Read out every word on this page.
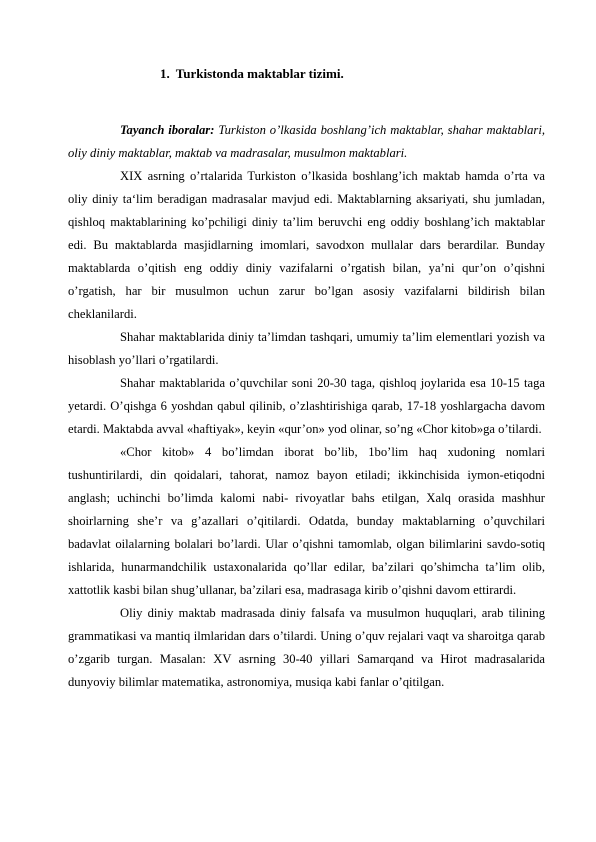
1. Turkistonda maktablar tizimi.

Tayanch iboralar: Turkiston o’lkasida boshlang’ich maktablar, shahar maktablari, oliy diniy maktablar, maktab va madrasalar, musulmon maktablari.

XIX asrning o’rtalarida Turkiston o’lkasida boshlang’ich maktab hamda o’rta va oliy diniy ta‘lim beradigan madrasalar mavjud edi. Maktablarning aksariyati, shu jumladan, qishloq maktablarining ko’pchiligi diniy ta’lim beruvchi eng oddiy boshlang’ich maktablar edi. Bu maktablarda masjidlarning imomlari, savodxon mullalar dars berardilar. Bunday maktablarda o’qitish eng oddiy diniy vazifalarni o’rgatish bilan, ya’ni qur’on o’qishni o’rgatish, har bir musulmon uchun zarur bo’lgan asosiy vazifalarni bildirish bilan cheklanilardi.

Shahar maktablarida diniy ta’limdan tashqari, umumiy ta’lim elementlari yozish va hisoblash yo’llari o’rgatilardi.

Shahar maktablarida o’quvchilar soni 20-30 taga, qishloq joylarida esa 10-15 taga yetardi. O’qishga 6 yoshdan qabul qilinib, o’zlashtirishiga qarab, 17-18 yoshlargacha davom etardi. Maktabda avval «haftiyak», keyin «qur’on» yod olinar, so’ng «Chor kitob»ga o’tilardi.

«Chor kitob» 4 bo’limdan iborat bo’lib, 1bo’lim haq xudoning nomlari tushuntirilardi, din qoidalari, tahorat, namoz bayon etiladi; ikkinchisida iymon-etiqodni anglash; uchinchi bo’limda kalomi nabi- rivoyatlar bahs etilgan, Xalq orasida mashhur shoirlarning she’r va g’azallari o’qitilardi. Odatda, bunday maktablarning o’quvchilari badavlat oilalarning bolalari bo’lardi. Ular o’qishni tamomlab, olgan bilimlarini savdo-sotiq ishlarida, hunarmandchilik ustaxonalarida qo’llar edilar, ba’zilari qo’shimcha ta’lim olib, xattotlik kasbi bilan shug’ullanar, ba’zilari esa, madrasaga kirib o’qishni davom ettirardi.

Oliy diniy maktab madrasada diniy falsafa va musulmon huquqlari, arab tilining grammatikasi va mantiq ilmlaridan dars o’tilardi. Uning o’quv rejalari vaqt va sharoitga qarab o’zgarib turgan. Masalan: XV asrning 30-40 yillari Samarqand va Hirot madrasalarida dunyoviy bilimlar matematika, astronomiya, musiqa kabi fanlar o’qitilgan.
